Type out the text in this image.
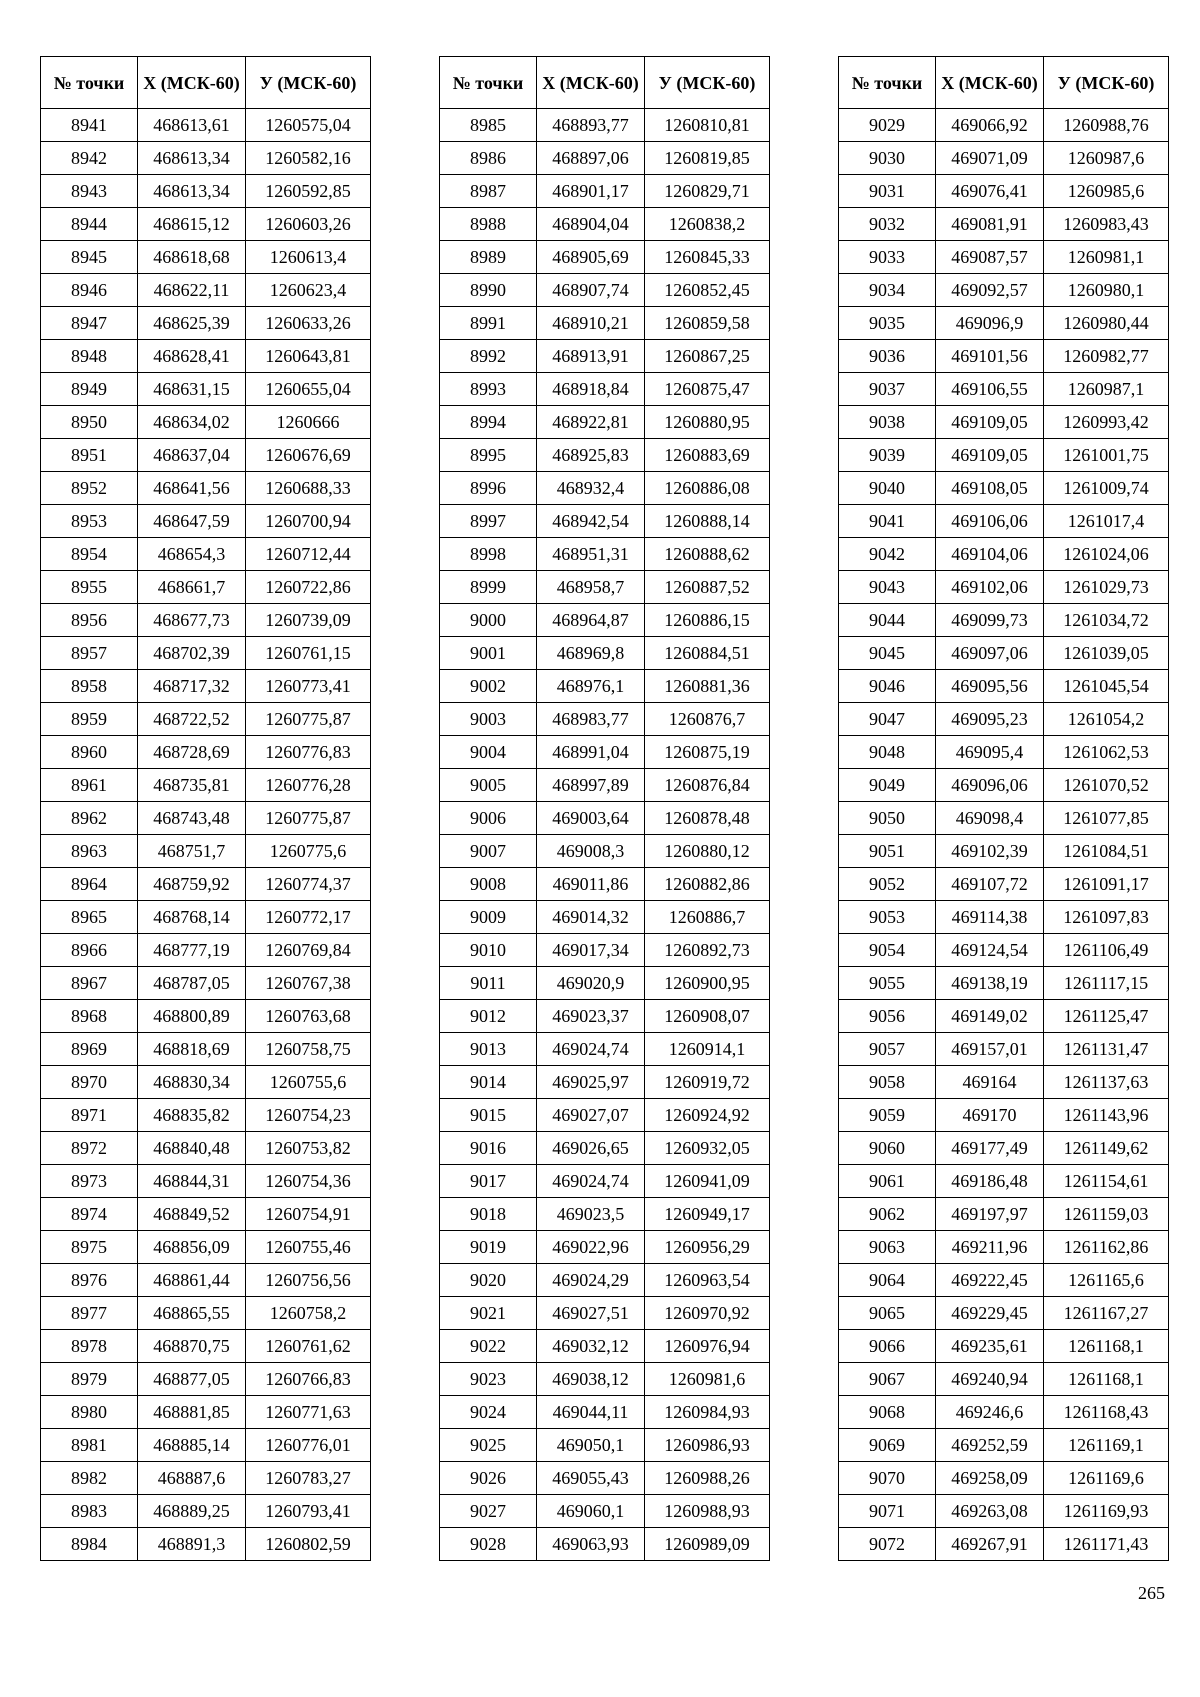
№ точки	X (МСК-60)	У (МСК-60)
8941	468613,61	1260575,04
8942	468613,34	1260582,16
8943	468613,34	1260592,85
8944	468615,12	1260603,26
8945	468618,68	1260613,4
8946	468622,11	1260623,4
8947	468625,39	1260633,26
8948	468628,41	1260643,81
8949	468631,15	1260655,04
8950	468634,02	1260666
8951	468637,04	1260676,69
8952	468641,56	1260688,33
8953	468647,59	1260700,94
8954	468654,3	1260712,44
8955	468661,7	1260722,86
8956	468677,73	1260739,09
8957	468702,39	1260761,15
8958	468717,32	1260773,41
8959	468722,52	1260775,87
8960	468728,69	1260776,83
8961	468735,81	1260776,28
8962	468743,48	1260775,87
8963	468751,7	1260775,6
8964	468759,92	1260774,37
8965	468768,14	1260772,17
8966	468777,19	1260769,84
8967	468787,05	1260767,38
8968	468800,89	1260763,68
8969	468818,69	1260758,75
8970	468830,34	1260755,6
8971	468835,82	1260754,23
8972	468840,48	1260753,82
8973	468844,31	1260754,36
8974	468849,52	1260754,91
8975	468856,09	1260755,46
8976	468861,44	1260756,56
8977	468865,55	1260758,2
8978	468870,75	1260761,62
8979	468877,05	1260766,83
8980	468881,85	1260771,63
8981	468885,14	1260776,01
8982	468887,6	1260783,27
8983	468889,25	1260793,41
8984	468891,3	1260802,59
№ точки	X (МСК-60)	У (МСК-60)
8985	468893,77	1260810,81
8986	468897,06	1260819,85
8987	468901,17	1260829,71
8988	468904,04	1260838,2
8989	468905,69	1260845,33
8990	468907,74	1260852,45
8991	468910,21	1260859,58
8992	468913,91	1260867,25
8993	468918,84	1260875,47
8994	468922,81	1260880,95
8995	468925,83	1260883,69
8996	468932,4	1260886,08
8997	468942,54	1260888,14
8998	468951,31	1260888,62
8999	468958,7	1260887,52
9000	468964,87	1260886,15
9001	468969,8	1260884,51
9002	468976,1	1260881,36
9003	468983,77	1260876,7
9004	468991,04	1260875,19
9005	468997,89	1260876,84
9006	469003,64	1260878,48
9007	469008,3	1260880,12
9008	469011,86	1260882,86
9009	469014,32	1260886,7
9010	469017,34	1260892,73
9011	469020,9	1260900,95
9012	469023,37	1260908,07
9013	469024,74	1260914,1
9014	469025,97	1260919,72
9015	469027,07	1260924,92
9016	469026,65	1260932,05
9017	469024,74	1260941,09
9018	469023,5	1260949,17
9019	469022,96	1260956,29
9020	469024,29	1260963,54
9021	469027,51	1260970,92
9022	469032,12	1260976,94
9023	469038,12	1260981,6
9024	469044,11	1260984,93
9025	469050,1	1260986,93
9026	469055,43	1260988,26
9027	469060,1	1260988,93
9028	469063,93	1260989,09
№ точки	X (МСК-60)	У (МСК-60)
9029	469066,92	1260988,76
9030	469071,09	1260987,6
9031	469076,41	1260985,6
9032	469081,91	1260983,43
9033	469087,57	1260981,1
9034	469092,57	1260980,1
9035	469096,9	1260980,44
9036	469101,56	1260982,77
9037	469106,55	1260987,1
9038	469109,05	1260993,42
9039	469109,05	1261001,75
9040	469108,05	1261009,74
9041	469106,06	1261017,4
9042	469104,06	1261024,06
9043	469102,06	1261029,73
9044	469099,73	1261034,72
9045	469097,06	1261039,05
9046	469095,56	1261045,54
9047	469095,23	1261054,2
9048	469095,4	1261062,53
9049	469096,06	1261070,52
9050	469098,4	1261077,85
9051	469102,39	1261084,51
9052	469107,72	1261091,17
9053	469114,38	1261097,83
9054	469124,54	1261106,49
9055	469138,19	1261117,15
9056	469149,02	1261125,47
9057	469157,01	1261131,47
9058	469164	1261137,63
9059	469170	1261143,96
9060	469177,49	1261149,62
9061	469186,48	1261154,61
9062	469197,97	1261159,03
9063	469211,96	1261162,86
9064	469222,45	1261165,6
9065	469229,45	1261167,27
9066	469235,61	1261168,1
9067	469240,94	1261168,1
9068	469246,6	1261168,43
9069	469252,59	1261169,1
9070	469258,09	1261169,6
9071	469263,08	1261169,93
9072	469267,91	1261171,43
265
